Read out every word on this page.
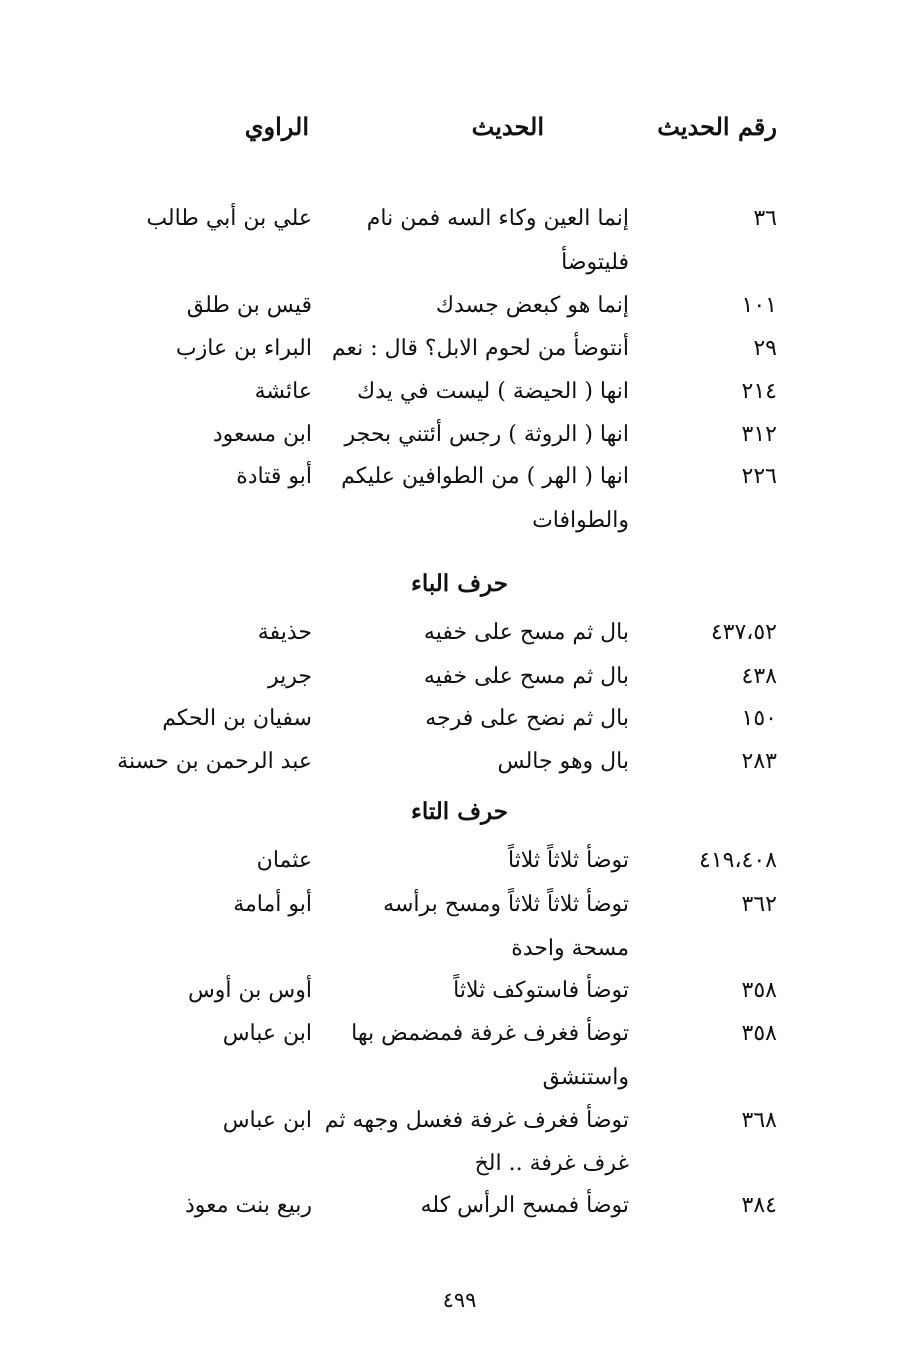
رقم الحديث
الحديث
الراوي
٣٦
إنما العين وكاء السه فمن نام
علي بن أبي طالب
فليتوضأ
١٠١
إنما هو كبعض جسدك
قيس بن طلق
٢٩
أنتوضأ من لحوم الابل؟ قال : نعم
البراء بن عازب
٢١٤
انها ( الحيضة ) ليست في يدك
عائشة
٣١٢
انها ( الروثة ) رجس أئتني بحجر
ابن مسعود
٢٢٦
انها ( الهر ) من الطوافين عليكم
أبو قتادة
والطوافات
حرف الباء
٤٣٧،٥٢
بال ثم مسح على خفيه
حذيفة
٤٣٨
بال ثم مسح على خفيه
جرير
١٥٠
بال ثم نضح على فرجه
سفيان بن الحكم
٢٨٣
بال وهو جالس
عبد الرحمن بن حسنة
حرف التاء
٤١٩،٤٠٨
توضأ ثلاثاً ثلاثاً
عثمان
٣٦٢
توضأ ثلاثاً ثلاثاً ومسح برأسه
أبو أمامة
مسحة واحدة
٣٥٨
توضأ فاستوكف ثلاثاً
أوس بن أوس
٣٥٨
توضأ فغرف غرفة فمضمض بها
ابن عباس
واستنشق
٣٦٨
توضأ فغرف غرفة فغسل وجهه ثم
ابن عباس
غرف غرفة .. الخ
٣٨٤
توضأ فمسح الرأس كله
ربيع بنت معوذ
٤٩٩
